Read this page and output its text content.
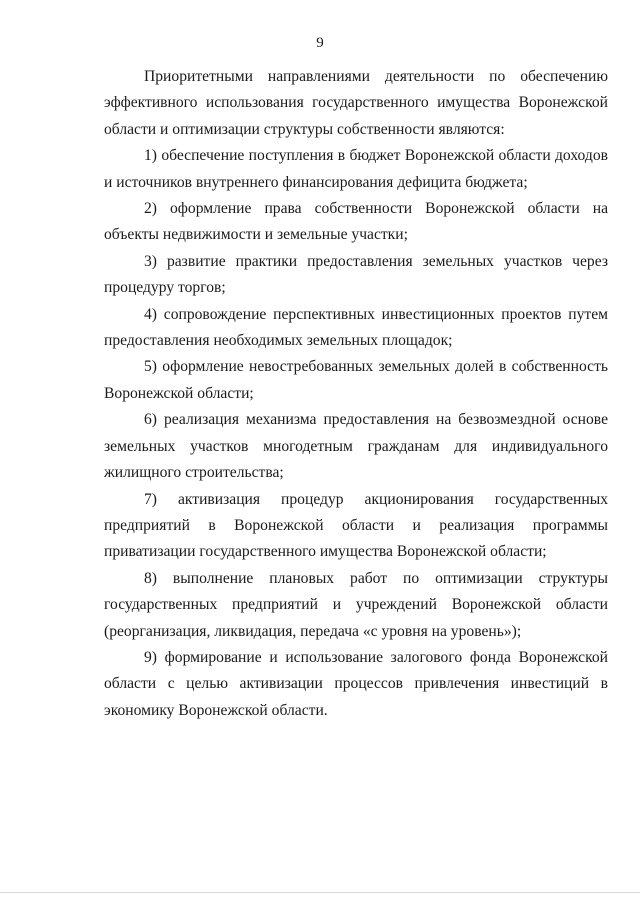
9

Приоритетными направлениями деятельности по обеспечению эффективного использования государственного имущества Воронежской области и оптимизации структуры собственности являются:

1) обеспечение поступления в бюджет Воронежской области доходов и источников внутреннего финансирования дефицита бюджета;

2) оформление права собственности Воронежской области на объекты недвижимости и земельные участки;

3) развитие практики предоставления земельных участков через процедуру торгов;

4) сопровождение перспективных инвестиционных проектов путем предоставления необходимых земельных площадок;

5) оформление невостребованных земельных долей в собственность Воронежской области;

6) реализация механизма предоставления на безвозмездной основе земельных участков многодетным гражданам для индивидуального жилищного строительства;

7) активизация процедур акционирования государственных предприятий в Воронежской области и реализация программы приватизации государственного имущества Воронежской области;

8) выполнение плановых работ по оптимизации структуры государственных предприятий и учреждений Воронежской области (реорганизация, ликвидация, передача «с уровня на уровень»);

9) формирование и использование залогового фонда Воронежской области с целью активизации процессов привлечения инвестиций в экономику Воронежской области.
